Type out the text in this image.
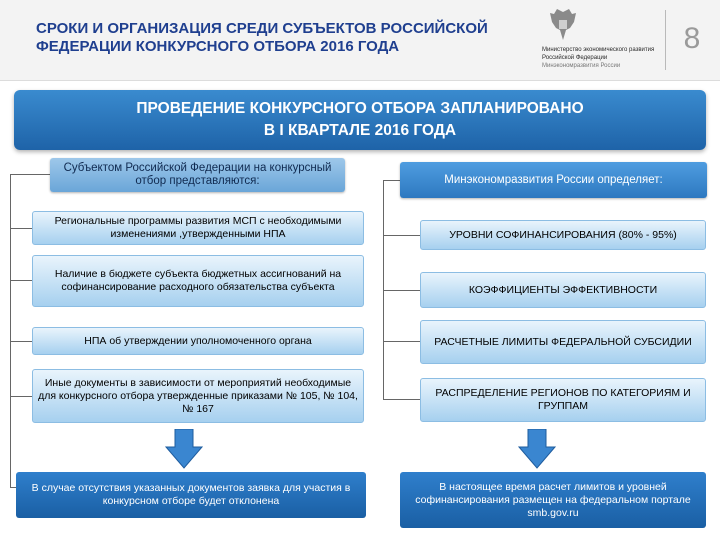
СРОКИ И ОРГАНИЗАЦИЯ СРЕДИ СУБЪЕКТОВ РОССИЙСКОЙ ФЕДЕРАЦИИ КОНКУРСНОГО ОТБОРА 2016 ГОДА	Министерство экономического развития
Российской Федерации
Минэкономразвития России
8
ПРОВЕДЕНИЕ КОНКУРСНОГО ОТБОРА ЗАПЛАНИРОВАНО
В I КВАРТАЛЕ 2016 ГОДА
Субъектом Российской Федерации на конкурсный отбор представляются:
Региональные программы развития МСП с необходимыми изменениями ,утвержденными НПА
Наличие в бюджете субъекта бюджетных ассигнований на софинансирование расходного обязательства субъекта
НПА об утверждении уполномоченного органа
Иные документы в зависимости от мероприятий необходимые для конкурсного отбора утвержденные приказами № 105, № 104, № 167
В случае отсутствия указанных документов заявка для участия в конкурсном отборе будет отклонена
Минэкономразвития России определяет:
УРОВНИ СОФИНАНСИРОВАНИЯ (80% - 95%)
КОЭФФИЦИЕНТЫ ЭФФЕКТИВНОСТИ
РАСЧЕТНЫЕ ЛИМИТЫ ФЕДЕРАЛЬНОЙ СУБСИДИИ
РАСПРЕДЕЛЕНИЕ РЕГИОНОВ ПО КАТЕГОРИЯМ И ГРУППАМ
В настоящее время расчет лимитов и уровней софинансирования размещен на федеральном портале smb.gov.ru
